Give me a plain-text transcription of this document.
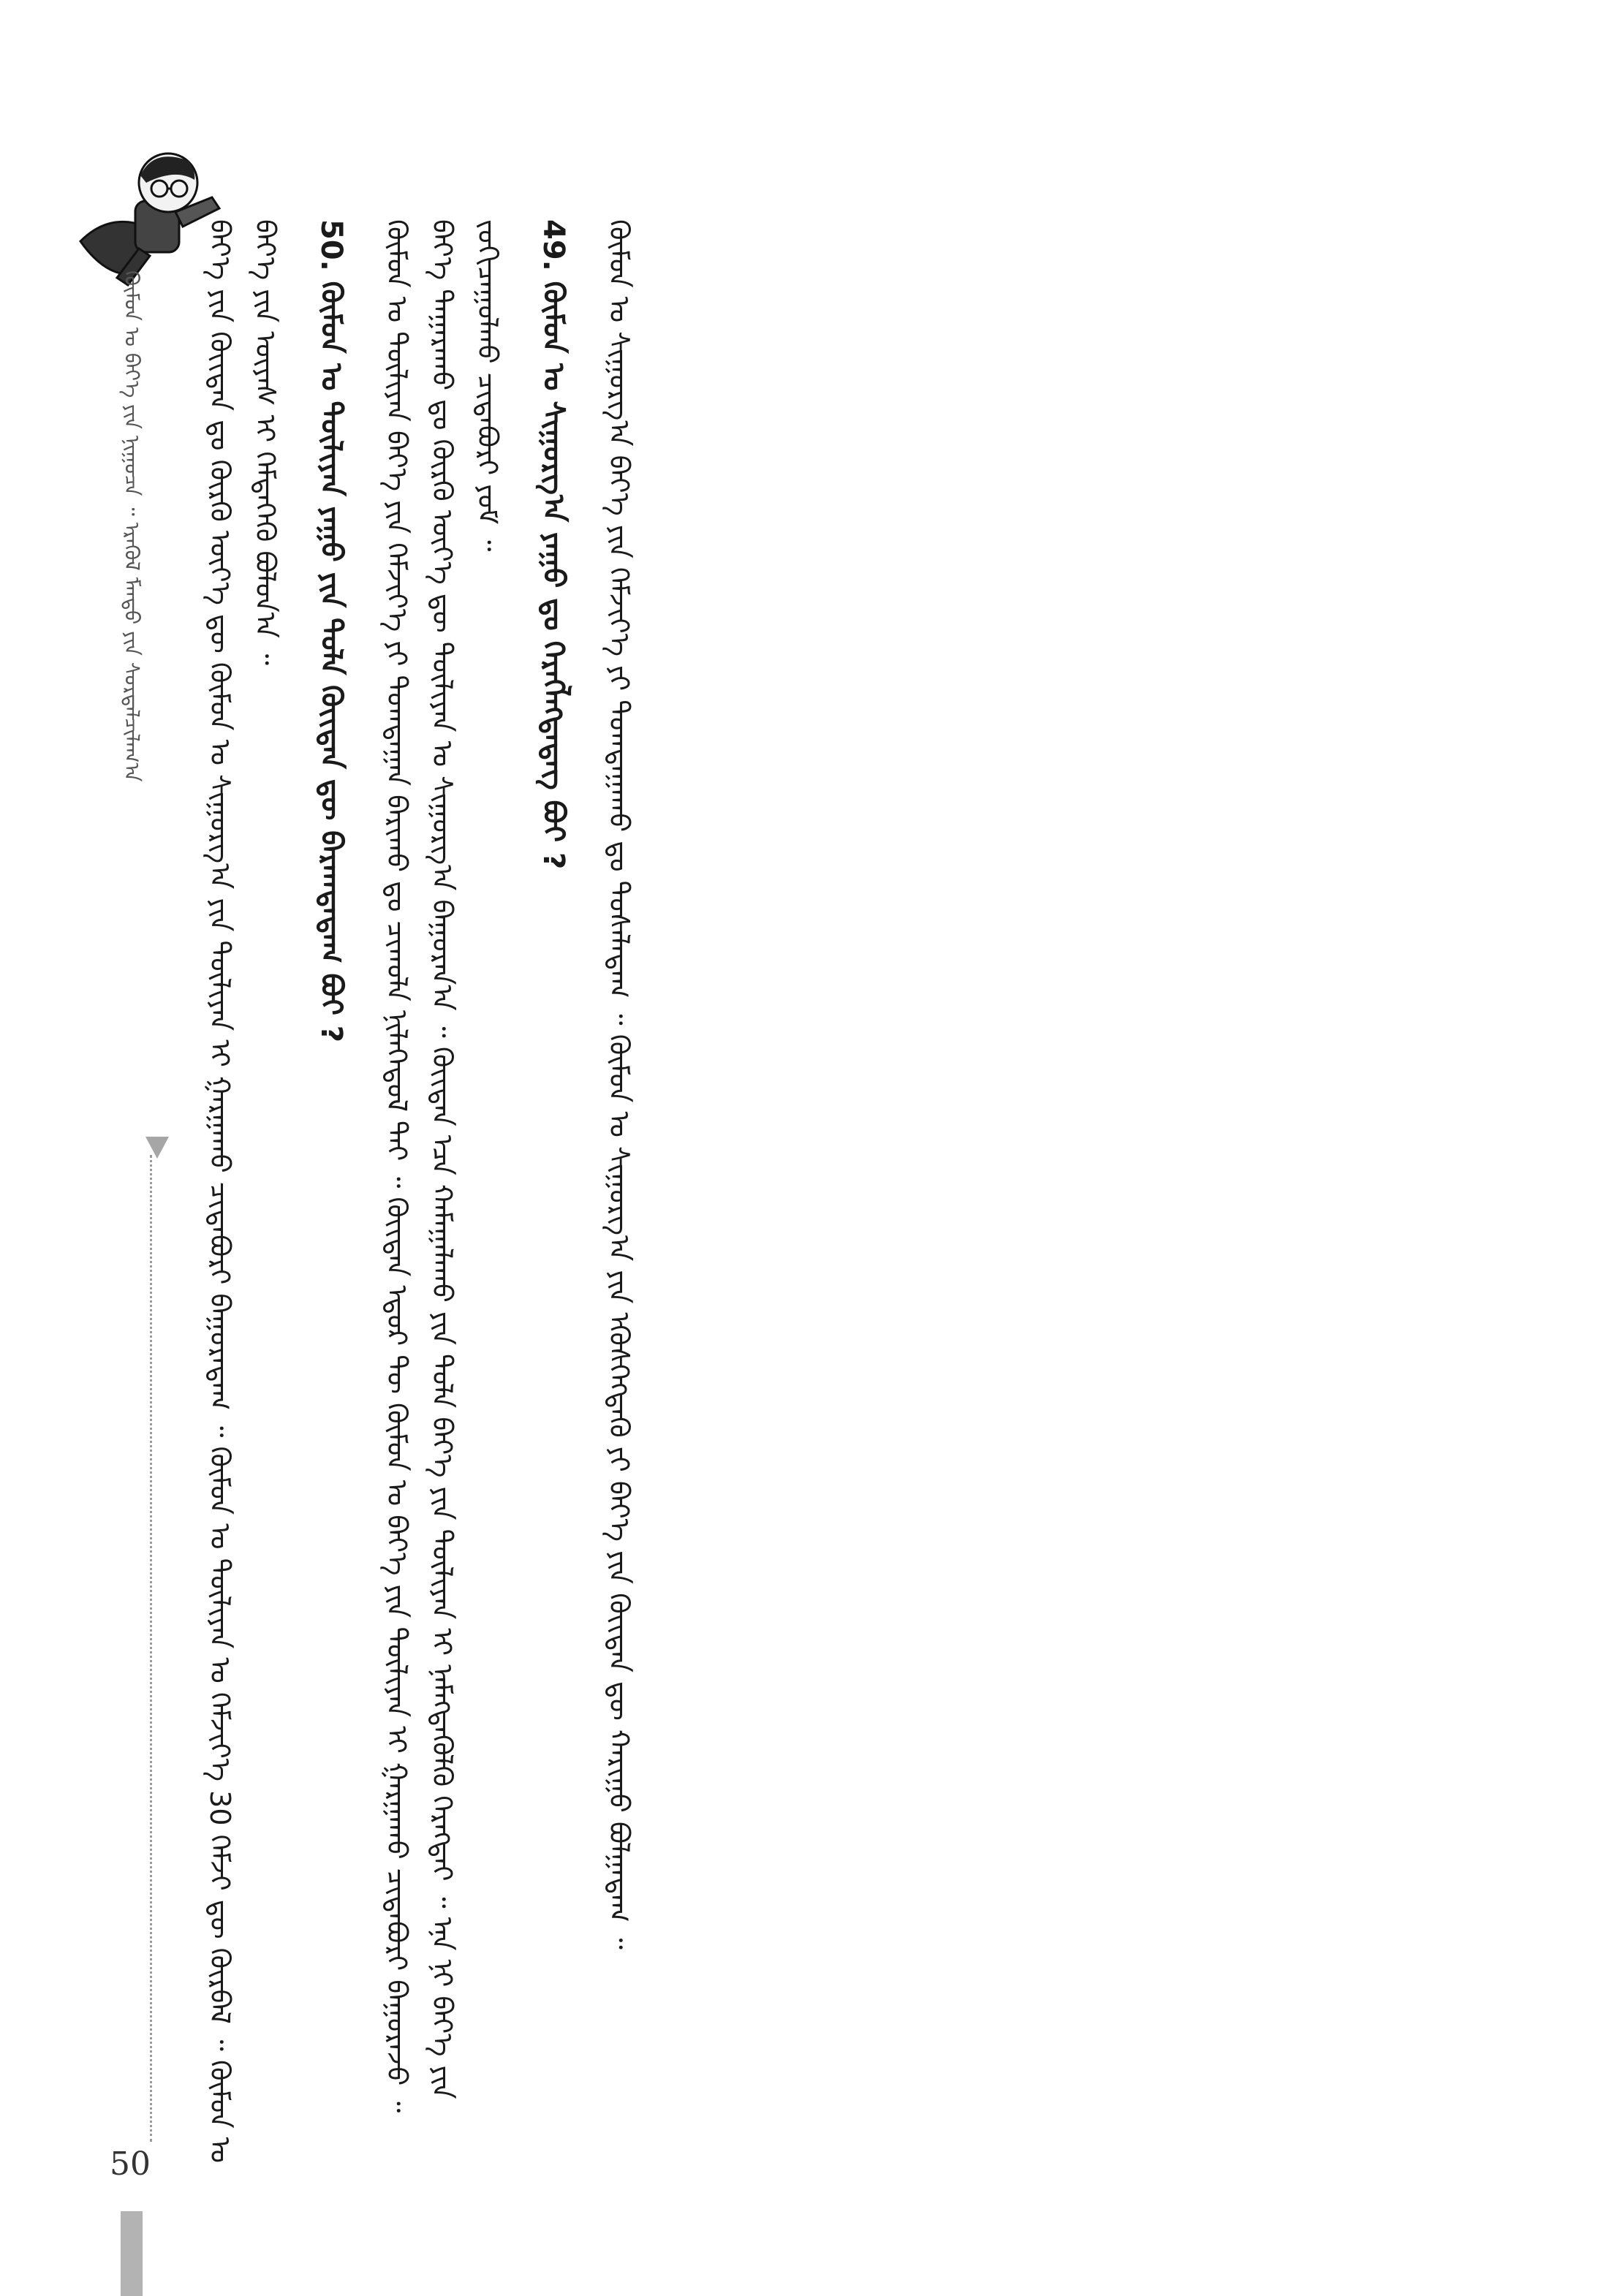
ᠬᠦᠮᠦᠨ ᠤ ᠪᠡᠶ᠎ᠡ ᠶᠢᠨ ᠨᠢᠭᠤᠴᠠ ᠃ ᠡᠷᠡᠭᠦᠯ ᠮᠡᠨᠳᠦ ᠶᠢᠨ ᠰᠤᠷᠲᠠᠯᠴᠢᠯᠠᠭ᠎ᠠ	ᠪᠡᠶ᠎ᠡ ᠶᠢᠨ ᠬᠦᠢᠲᠡᠨ ᠳᠤ ᠬᠦᠷᠬᠦ ᠦᠶ᠎ᠡ ᠳᠦ ᠬᠦᠮᠦᠨ ᠤ ᠰᠢᠭᠤᠷᠭ᠎ᠠ ᠶᠢᠨ ᠳᠦᠯᠢᠶᠡᠨ ᠢ ᠭᠠᠷᠭᠠᠬᠤ ᠴᠢᠳᠠᠪᠤᠷᠢ ᠪᠠᠭᠤᠷᠠᠳᠠᠭ ᠃ ᠬᠦᠮᠦᠨ ᠤ ᠳᠦᠯᠢᠶᠡᠨ ᠤ ᠬᠡᠮᠵᠢᠶ᠎ᠡ 30 ᠬᠡᠮᠵᠢ ᠳᠦ ᠬᠦᠷᠪᠡᠯ ᠃ ᠬᠦᠮᠦᠨ ᠤ ᠪᠡᠶ᠎ᠡ ᠶᠢᠨ ᠦᠶᠡᠰ ᠢ ᠭᠡᠮᠳᠡᠭᠡᠬᠦ ᠪᠣᠯᠤᠨ᠎ᠠ ᠃ 50. ᠬᠦᠮᠦᠨ ᠤ ᠳᠦᠯᠢᠶᠡᠨ ᠶᠠᠭᠤ ᠶᠢᠨ ᠲᠤᠯᠠ ᠬᠦᠢᠲᠡᠨ ᠳᠦ ᠪᠠᠷᠠᠭᠳᠠᠳᠠᠭ ᠪᠤᠢ ? ᠬᠦᠮᠦᠨ ᠤ ᠳᠦᠯᠢᠶᠡᠨ ᠪᠡᠶ᠎ᠡ ᠶᠢᠨ ᠬᠡᠮᠵᠢᠶ᠎ᠡ ᠶᠢ ᠲᠣᠭᠲᠠᠭᠠᠨ ᠪᠠᠷᠢᠬᠤ ᠳᠤ ᠴᠢᠬᠤᠯᠠ ᠨᠢᠯᠡᠭᠡᠳᠦᠯ ᠲᠠᠢ ᠃ ᠬᠦᠢᠲᠡᠨ ᠡᠳᠦᠷ ᠲᠦ ᠬᠦᠮᠦᠨ ᠤ ᠪᠡᠶ᠎ᠡ ᠶᠢᠨ ᠳᠦᠯᠢᠶᠡᠨ ᠢ ᠭᠠᠷᠭᠠᠬᠤ ᠴᠢᠳᠠᠪᠤᠷᠢ ᠪᠠᠭᠤᠷᠠᠵᠤ ᠃ ᠪᠡᠶ᠎ᠡ ᠳᠠᠭᠠᠷᠠᠬᠤ ᠳᠤ ᠬᠦᠷᠬᠦ ᠦᠶ᠎ᠡ ᠳᠦ ᠳᠦᠯᠢᠶᠡᠨ ᠤ ᠰᠢᠭᠤᠷᠭ᠎ᠠ ᠪᠠᠭᠤᠷᠠᠨ᠎ᠠ ᠃ ᠬᠦᠢᠲᠡᠨ ᠡᠴᠡ ᠬᠠᠮᠠᠭᠠᠯᠠᠬᠤ ᠶᠢᠨ ᠲᠤᠯᠠ ᠪᠡᠶ᠎ᠡ ᠶᠢᠨ ᠳᠦᠯᠢᠶᠡᠨ ᠢ ᠨᠡᠮᠡᠭᠳᠡᠭᠦᠯᠬᠦ ᠬᠡᠷᠡᠭᠲᠡᠶ ᠃ ᠡᠨᠡ ᠨᠢ ᠪᠡᠶ᠎ᠡ ᠶᠢᠨ ᠵᠣᠬᠢᠴᠠᠭᠤᠯᠬᠤ ᠴᠢᠳᠠᠪᠤᠷᠢ ᠶᠤᠮ ᠃ 49. ᠬᠦᠮᠦᠨ ᠤ ᠰᠢᠭᠤᠷᠭ᠎ᠠ ᠶᠠᠭᠤ ᠳᠤ ᠬᠡᠷᠡᠭᠯᠡᠭᠳᠡᠳᠡᠭ ᠪᠤᠢ ? ᠬᠦᠮᠦᠨ ᠤ ᠰᠢᠭᠤᠷᠭ᠎ᠠ ᠪᠡᠶ᠎ᠡ ᠶᠢᠨ ᠬᠡᠮᠵᠢᠶ᠎ᠡ ᠶᠢ ᠲᠣᠭᠲᠠᠭᠠᠬᠤ ᠳᠤ ᠲᠤᠰᠠᠯᠠᠳᠠᠭ ᠃ ᠬᠦᠮᠦᠨ ᠤ ᠰᠢᠭᠤᠷᠭ᠎ᠠ ᠶᠢᠨ ᠡᠭᠦᠰᠭᠡᠭᠳᠡᠬᠦ ᠶᠢ ᠪᠡᠶ᠎ᠡ ᠶᠢᠨ ᠬᠦᠢᠲᠡᠨ ᠳᠦ ᠬᠠᠷᠢᠭᠤ ᠪᠣᠯᠭᠠᠳᠠᠭ ᠃
50
